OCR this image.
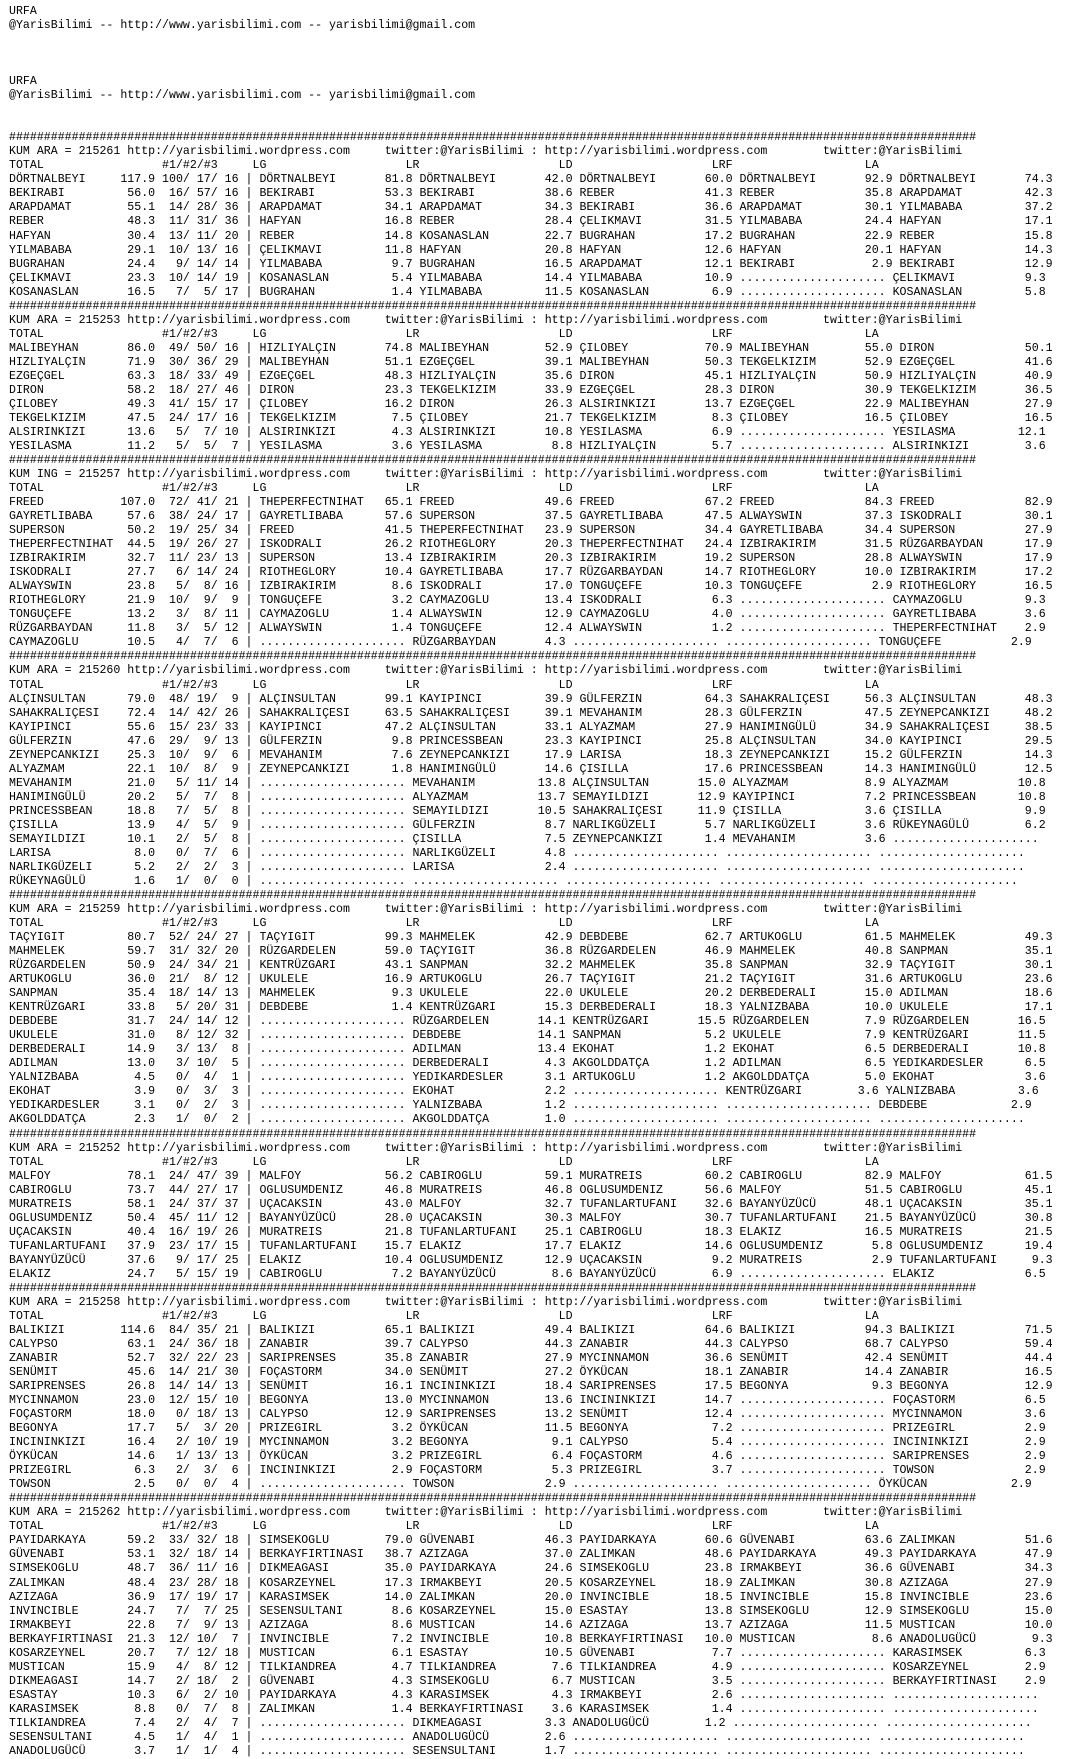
URFA
@YarisBilimi -- http://www.yarisbilimi.com -- yarisbilimi@gmail.com

URFA
@YarisBilimi -- http://www.yarisbilimi.com -- yarisbilimi@gmail.com

###########################################################################################################################################
KUM ARA = 215261 http://yarisbilimi.wordpress.com     twitter:@YarisBilimi : http://yarisbilimi.wordpress.com        twitter:@YarisBilimi
TOTAL                 #1/#2/#3     LG                    LR                    LD                    LRF                   LA
DÖRTNALBEYI     117.9 100/ 17/ 16 | DÖRTNALBEYI       81.8 DÖRTNALBEYI       42.0 DÖRTNALBEYI       60.0 DÖRTNALBEYI       92.9 DÖRTNALBEYI       74.3
BEKIRABI         56.0  16/ 57/ 16 | BEKIRABI          53.3 BEKIRABI          38.6 REBER             41.3 REBER             35.8 ARAPDAMAT         42.3
ARAPDAMAT        55.1  14/ 28/ 36 | ARAPDAMAT         34.1 ARAPDAMAT         34.3 BEKIRABI          36.6 ARAPDAMAT         30.1 YILMABABA         37.2
REBER            48.3  11/ 31/ 36 | HAFYAN            16.8 REBER             28.4 ÇELIKMAVI         31.5 YILMABABA         24.4 HAFYAN            17.1
HAFYAN           30.4  13/ 11/ 20 | REBER             14.8 KOSANASLAN        22.7 BUGRAHAN          17.2 BUGRAHAN          22.9 REBER             15.8
YILMABABA        29.1  10/ 13/ 16 | ÇELIKMAVI         11.8 HAFYAN            20.8 HAFYAN            12.6 HAFYAN            20.1 HAFYAN            14.3
BUGRAHAN         24.4   9/ 14/ 14 | YILMABABA          9.7 BUGRAHAN          16.5 ARAPDAMAT         12.1 BEKIRABI           2.9 BEKIRABI          12.9
ÇELIKMAVI        23.3  10/ 14/ 19 | KOSANASLAN         5.4 YILMABABA         14.4 YILMABABA         10.9 ..................... ÇELIKMAVI          9.3
KOSANASLAN       16.5   7/  5/ 17 | BUGRAHAN           1.4 YILMABABA         11.5 KOSANASLAN         6.9 ..................... KOSANASLAN         5.8
###########################################################################################################################################
KUM ARA = 215253 http://yarisbilimi.wordpress.com     twitter:@YarisBilimi : http://yarisbilimi.wordpress.com        twitter:@YarisBilimi
TOTAL                 #1/#2/#3     LG                    LR                    LD                    LRF                   LA
MALIBEYHAN       86.0  49/ 50/ 16 | HIZLIYALÇIN       74.8 MALIBEYHAN        52.9 ÇILOBEY           70.9 MALIBEYHAN        55.0 DIRON             50.1
HIZLIYALÇIN      71.9  30/ 36/ 29 | MALIBEYHAN        51.1 EZGEÇGEL          39.1 MALIBEYHAN        50.3 TEKGELKIZIM       52.9 EZGEÇGEL          41.6
EZGEÇGEL         63.3  18/ 33/ 49 | EZGEÇGEL          48.3 HIZLIYALÇIN       35.6 DIRON             45.1 HIZLIYALÇIN       50.9 HIZLIYALÇIN       40.9
DIRON            58.2  18/ 27/ 46 | DIRON             23.3 TEKGELKIZIM       33.9 EZGEÇGEL          28.3 DIRON             30.9 TEKGELKIZIM       36.5
ÇILOBEY          49.3  41/ 15/ 17 | ÇILOBEY           16.2 DIRON             26.3 ALSIRINKIZI       13.7 EZGEÇGEL          22.9 MALIBEYHAN        27.9
TEKGELKIZIM      47.5  24/ 17/ 16 | TEKGELKIZIM        7.5 ÇILOBEY           21.7 TEKGELKIZIM        8.3 ÇILOBEY           16.5 ÇILOBEY           16.5
ALSIRINKIZI      13.6   5/  7/ 10 | ALSIRINKIZI        4.3 ALSIRINKIZI       10.8 YESILASMA          6.9 ..................... YESILASMA         12.1
YESILASMA        11.2   5/  5/  7 | YESILASMA          3.6 YESILASMA          8.8 HIZLIYALÇIN        5.7 ..................... ALSIRINKIZI        3.6
###########################################################################################################################################
KUM ING = 215257 http://yarisbilimi.wordpress.com     twitter:@YarisBilimi : http://yarisbilimi.wordpress.com        twitter:@YarisBilimi
TOTAL                 #1/#2/#3     LG                    LR                    LD                    LRF                   LA
FREED           107.0  72/ 41/ 21 | THEPERFECTNIHAT   65.1 FREED             49.6 FREED             67.2 FREED             84.3 FREED             82.9
GAYRETLIBABA     57.6  38/ 24/ 17 | GAYRETLIBABA      57.6 SUPERSON          37.5 GAYRETLIBABA      47.5 ALWAYSWIN         37.3 ISKODRALI         30.1
SUPERSON         50.2  19/ 25/ 34 | FREED             41.5 THEPERFECTNIHAT   23.9 SUPERSON          34.4 GAYRETLIBABA      34.4 SUPERSON          27.9
THEPERFECTNIHAT  44.5  19/ 26/ 27 | ISKODRALI         26.2 RIOTHEGLORY       20.3 THEPERFECTNIHAT   24.4 IZBIRAKIRIM       31.5 RÜZGARBAYDAN      17.9
IZBIRAKIRIM      32.7  11/ 23/ 13 | SUPERSON          13.4 IZBIRAKIRIM       20.3 IZBIRAKIRIM       19.2 SUPERSON          28.8 ALWAYSWIN         17.9
ISKODRALI        27.7   6/ 14/ 24 | RIOTHEGLORY       10.4 GAYRETLIBABA      17.7 RÜZGARBAYDAN      14.7 RIOTHEGLORY       10.0 IZBIRAKIRIM       17.2
ALWAYSWIN        23.8   5/  8/ 16 | IZBIRAKIRIM        8.6 ISKODRALI         17.0 TONGUÇEFE         10.3 TONGUÇEFE          2.9 RIOTHEGLORY       16.5
RIOTHEGLORY      21.9  10/  9/  9 | TONGUÇEFE          3.2 CAYMAZOGLU        13.4 ISKODRALI          6.3 ..................... CAYMAZOGLU         9.3
TONGUÇEFE        13.2   3/  8/ 11 | CAYMAZOGLU         1.4 ALWAYSWIN         12.9 CAYMAZOGLU         4.0 ..................... GAYRETLIBABA       3.6
RÜZGARBAYDAN     11.8   3/  5/ 12 | ALWAYSWIN          1.4 TONGUÇEFE         12.4 ALWAYSWIN          1.2 ..................... THEPERFECTNIHAT    2.9
CAYMAZOGLU       10.5   4/  7/  6 | ..................... RÜZGARBAYDAN       4.3 ..................... ..................... TONGUÇEFE          2.9
###########################################################################################################################################
KUM ARA = 215260 http://yarisbilimi.wordpress.com     twitter:@YarisBilimi : http://yarisbilimi.wordpress.com        twitter:@YarisBilimi
TOTAL                 #1/#2/#3     LG                    LR                    LD                    LRF                   LA
ALÇINSULTAN      79.0  48/ 19/  9 | ALÇINSULTAN       99.1 KAYIPINCI         39.9 GÜLFERZIN         64.3 SAHAKRALIÇESI     56.3 ALÇINSULTAN       48.3
SAHAKRALIÇESI    72.4  14/ 42/ 26 | SAHAKRALIÇESI     63.5 SAHAKRALIÇESI     39.1 MEVAHANIM         28.3 GÜLFERZIN         47.5 ZEYNEPCANKIZI     48.2
KAYIPINCI        55.6  15/ 23/ 33 | KAYIPINCI         47.2 ALÇINSULTAN       33.1 ALYAZMAM          27.9 HANIMINGÜLÜ       34.9 SAHAKRALIÇESI     38.5
GÜLFERZIN        47.6  29/  9/ 13 | GÜLFERZIN          9.8 PRINCESSBEAN      23.3 KAYIPINCI         25.8 ALÇINSULTAN       34.0 KAYIPINCI         29.5
ZEYNEPCANKIZI    25.3  10/  9/  6 | MEVAHANIM          7.6 ZEYNEPCANKIZI     17.9 LARISA            18.3 ZEYNEPCANKIZI     15.2 GÜLFERZIN         14.3
ALYAZMAM         22.1  10/  8/  9 | ZEYNEPCANKIZI      1.8 HANIMINGÜLÜ       14.6 ÇISILLA           17.6 PRINCESSBEAN      14.3 HANIMINGÜLÜ       12.5
MEVAHANIM        21.0   5/ 11/ 14 | ..................... MEVAHANIM         13.8 ALÇINSULTAN       15.0 ALYAZMAM           8.9 ALYAZMAM          10.8
HANIMINGÜLÜ      20.2   5/  7/  8 | ..................... ALYAZMAM          13.7 SEMAYILDIZI       12.9 KAYIPINCI          7.2 PRINCESSBEAN      10.8
PRINCESSBEAN     18.8   7/  5/  8 | ..................... SEMAYILDIZI       10.5 SAHAKRALIÇESI     11.9 ÇISILLA            3.6 ÇISILLA            9.9
ÇISILLA          13.9   4/  5/  9 | ..................... GÜLFERZIN          8.7 NARLIKGÜZELI       5.7 NARLIKGÜZELI       3.6 RÜKEYNAGÜLÜ        6.2
SEMAYILDIZI      10.1   2/  5/  8 | ..................... ÇISILLA            7.5 ZEYNEPCANKIZI      1.4 MEVAHANIM          3.6 .....................
LARISA            8.0   0/  7/  6 | ..................... NARLIKGÜZELI       4.8 ..................... ..................... .....................
NARLIKGÜZELI      5.2   2/  2/  3 | ..................... LARISA             2.4 ..................... ..................... .....................
RÜKEYNAGÜLÜ       1.6   1/  0/  0 | ..................... ..................... ..................... ..................... .....................
###########################################################################################################################################
KUM ARA = 215259 http://yarisbilimi.wordpress.com     twitter:@YarisBilimi : http://yarisbilimi.wordpress.com        twitter:@YarisBilimi
TOTAL                 #1/#2/#3     LG                    LR                    LD                    LRF                   LA
TAÇYIGIT         80.7  52/ 24/ 27 | TAÇYIGIT          99.3 MAHMELEK          42.9 DEBDEBE           62.7 ARTUKOGLU         61.5 MAHMELEK          49.3
MAHMELEK         59.7  31/ 32/ 20 | RÜZGARDELEN       59.0 TAÇYIGIT          36.8 RÜZGARDELEN       46.9 MAHMELEK          40.8 SANPMAN           35.1
RÜZGARDELEN      50.9  24/ 34/ 21 | KENTRÜZGARI       43.1 SANPMAN           32.2 MAHMELEK          35.8 SANPMAN           32.9 TAÇYIGIT          30.1
ARTUKOGLU        36.0  21/  8/ 12 | UKULELE           16.9 ARTUKOGLU         26.7 TAÇYIGIT          21.2 TAÇYIGIT          31.6 ARTUKOGLU         23.6
SANPMAN          35.4  18/ 14/ 13 | MAHMELEK           9.3 UKULELE           22.0 UKULELE           20.2 DERBEDERALI       15.0 ADILMAN           18.6
KENTRÜZGARI      33.8   5/ 20/ 31 | DEBDEBE            1.4 KENTRÜZGARI       15.3 DERBEDERALI       18.3 YALNIZBABA        10.0 UKULELE           17.1
DEBDEBE          31.7  24/ 14/ 12 | ..................... RÜZGARDELEN       14.1 KENTRÜZGARI       15.5 RÜZGARDELEN        7.9 RÜZGARDELEN       16.5
UKULELE          31.0   8/ 12/ 32 | ..................... DEBDEBE           14.1 SANPMAN            5.2 UKULELE            7.9 KENTRÜZGARI       11.5
DERBEDERALI      14.9   3/ 13/  8 | ..................... ADILMAN           13.4 EKOHAT             1.2 EKOHAT             6.5 DERBEDERALI       10.8
ADILMAN          13.0   3/ 10/  5 | ..................... DERBEDERALI        4.3 AKGOLDDATÇA        1.2 ADILMAN            6.5 YEDIKARDESLER      6.5
YALNIZBABA        4.5   0/  4/  1 | ..................... YEDIKARDESLER      3.1 ARTUKOGLU          1.2 AKGOLDDATÇA        5.0 EKOHAT             3.6
EKOHAT            3.9   0/  3/  3 | ..................... EKOHAT             2.2 ..................... KENTRÜZGARI        3.6 YALNIZBABA         3.6
YEDIKARDESLER     3.1   0/  2/  3 | ..................... YALNIZBABA         1.2 ..................... ..................... DEBDEBE            2.9
AKGOLDDATÇA       2.3   1/  0/  2 | ..................... AKGOLDDATÇA        1.0 ..................... ..................... .....................
###########################################################################################################################################
KUM ARA = 215252 http://yarisbilimi.wordpress.com     twitter:@YarisBilimi : http://yarisbilimi.wordpress.com        twitter:@YarisBilimi
TOTAL                 #1/#2/#3     LG                    LR                    LD                    LRF                   LA
MALFOY           78.1  24/ 47/ 39 | MALFOY            56.2 CABIROGLU         59.1 MURATREIS         60.2 CABIROGLU         82.9 MALFOY            61.5
CABIROGLU        73.7  44/ 27/ 17 | OGLUSUMDENIZ      46.8 MURATREIS         46.8 OGLUSUMDENIZ      56.6 MALFOY            51.5 CABIROGLU         45.1
MURATREIS        58.1  24/ 37/ 37 | UÇACAKSIN         43.0 MALFOY            32.7 TUFANLARTUFANI    32.6 BAYANYÜZÜCÜ       48.1 UÇACAKSIN         35.1
OGLUSUMDENIZ     50.4  45/ 11/ 12 | BAYANYÜZÜCÜ       28.0 UÇACAKSIN         30.3 MALFOY            30.7 TUFANLARTUFANI    21.5 BAYANYÜZÜCÜ       30.8
UÇACAKSIN        40.4  16/ 19/ 26 | MURATREIS         21.8 TUFANLARTUFANI    25.1 CABIROGLU         18.3 ELAKIZ            16.5 MURATREIS         21.5
TUFANLARTUFANI   37.9  23/ 17/ 15 | TUFANLARTUFANI    15.7 ELAKIZ            17.7 ELAKIZ            14.6 OGLUSUMDENIZ       5.8 OGLUSUMDENIZ      19.4
BAYANYÜZÜCÜ      37.6   9/ 17/ 25 | ELAKIZ            10.4 OGLUSUMDENIZ      12.9 UÇACAKSIN          9.2 MURATREIS          2.9 TUFANLARTUFANI     9.3
ELAKIZ           24.7   5/ 15/ 19 | CABIROGLU          7.2 BAYANYÜZÜCÜ        8.6 BAYANYÜZÜCÜ        6.9 ..................... ELAKIZ             6.5
###########################################################################################################################################
KUM ARA = 215258 http://yarisbilimi.wordpress.com     twitter:@YarisBilimi : http://yarisbilimi.wordpress.com        twitter:@YarisBilimi
TOTAL                 #1/#2/#3     LG                    LR                    LD                    LRF                   LA
BALIKIZI        114.6  84/ 35/ 21 | BALIKIZI          65.1 BALIKIZI          49.4 BALIKIZI          64.6 BALIKIZI          94.3 BALIKIZI          71.5
CALYPSO          63.1  24/ 36/ 18 | ZANABIR           39.7 CALYPSO           44.3 ZANABIR           44.3 CALYPSO           68.7 CALYPSO           59.4
ZANABIR          52.7  32/ 22/ 23 | SARIPRENSES       35.8 ZANABIR           27.9 MYCINNAMON        36.6 SENÜMIT           42.4 SENÜMIT           44.4
SENÜMIT          45.6  14/ 21/ 30 | FOÇASTORM         34.0 SENÜMIT           27.2 ÖYKÜCAN           18.1 ZANABIR           14.4 ZANABIR           16.5
SARIPRENSES      26.8  14/ 14/ 13 | SENÜMIT           16.1 INCININKIZI       18.4 SARIPRENSES       17.5 BEGONYA            9.3 BEGONYA           12.9
MYCINNAMON       23.0  12/ 15/ 10 | BEGONYA           13.0 MYCINNAMON        13.6 INCININKIZI       14.7 ..................... FOÇASTORM          6.5
FOÇASTORM        18.0   0/ 18/ 13 | CALYPSO           12.9 SARIPRENSES       13.2 SENÜMIT           12.4 ..................... MYCINNAMON         3.6
BEGONYA          17.7   5/  3/ 20 | PRIZEGIRL          3.2 ÖYKÜCAN           11.5 BEGONYA            7.2 ..................... PRIZEGIRL          2.9
INCININKIZI      16.4   2/ 10/ 19 | MYCINNAMON         3.2 BEGONYA            9.1 CALYPSO            5.4 ..................... INCININKIZI        2.9
ÖYKÜCAN          14.6   1/ 13/ 13 | ÖYKÜCAN            3.2 PRIZEGIRL          6.4 FOÇASTORM          4.6 ..................... SARIPRENSES        2.9
PRIZEGIRL         6.3   2/  3/  6 | INCININKIZI        2.9 FOÇASTORM          5.3 PRIZEGIRL          3.7 ..................... TOWSON             2.9
TOWSON            2.5   0/  0/  4 | ..................... TOWSON             2.9 ..................... ..................... ÖYKÜCAN            2.9
###########################################################################################################################################
KUM ARA = 215262 http://yarisbilimi.wordpress.com     twitter:@YarisBilimi : http://yarisbilimi.wordpress.com        twitter:@YarisBilimi
TOTAL                 #1/#2/#3     LG                    LR                    LD                    LRF                   LA
PAYIDARKAYA      59.2  33/ 32/ 18 | SIMSEKOGLU        79.0 GÜVENABI          46.3 PAYIDARKAYA       60.6 GÜVENABI          63.6 ZALIMKAN          51.6
GÜVENABI         53.1  32/ 18/ 14 | BERKAYFIRTINASI   38.7 AZIZAGA           37.0 ZALIMKAN          48.6 PAYIDARKAYA       49.3 PAYIDARKAYA       47.9
SIMSEKOGLU       48.7  36/ 11/ 16 | DIKMEAGASI        35.0 PAYIDARKAYA       24.6 SIMSEKOGLU        23.8 IRMAKBEYI         36.6 GÜVENABI          34.3
ZALIMKAN         48.4  23/ 28/ 18 | KOSARZEYNEL       17.3 IRMAKBEYI         20.5 KOSARZEYNEL       18.9 ZALIMKAN          30.8 AZIZAGA           27.9
AZIZAGA          36.9  17/ 19/ 17 | KARASIMSEK        14.0 ZALIMKAN          20.0 INVINCIBLE        18.5 INVINCIBLE        15.8 INVINCIBLE        23.6
INVINCIBLE       24.7   7/  7/ 25 | SESENSULTANI       8.6 KOSARZEYNEL       15.0 ESASTAY           13.8 SIMSEKOGLU        12.9 SIMSEKOGLU        15.0
IRMAKBEYI        22.8   7/  9/ 13 | AZIZAGA            8.6 MUSTICAN          14.6 AZIZAGA           13.7 AZIZAGA           11.5 MUSTICAN          10.0
BERKAYFIRTINASI  21.3  12/ 10/  7 | INVINCIBLE         7.2 INVINCIBLE        10.8 BERKAYFIRTINASI   10.0 MUSTICAN           8.6 ANADOLUGÜCÜ        9.3
KOSARZEYNEL      20.7   7/ 12/ 18 | MUSTICAN           6.1 ESASTAY           10.5 GÜVENABI           7.7 ..................... KARASIMSEK         6.3
MUSTICAN         15.9   4/  8/ 12 | TILKIANDREA        4.7 TILKIANDREA        7.6 TILKIANDREA        4.9 ..................... KOSARZEYNEL        2.9
DIKMEAGASI       14.7   2/ 18/  2 | GÜVENABI           4.3 SIMSEKOGLU         6.7 MUSTICAN           3.5 ..................... BERKAYFIRTINASI    2.9
ESASTAY          10.3   6/  2/ 10 | PAYIDARKAYA        4.3 KARASIMSEK         4.3 IRMAKBEYI          2.6 ..................... .....................
KARASIMSEK        8.8   0/  7/  8 | ZALIMKAN           1.4 BERKAYFIRTINASI    3.6 KARASIMSEK         1.4 ..................... .....................
TILKIANDREA       7.4   2/  4/  7 | ..................... DIKMEAGASI         3.3 ANADOLUGÜCÜ        1.2 ..................... .....................
SESENSULTANI      4.5   1/  4/  1 | ..................... ANADOLUGÜCÜ        2.6 ..................... ..................... .....................
ANADOLUGÜCÜ       3.7   1/  1/  4 | ..................... SESENSULTANI       1.7 ..................... ..................... .....................
